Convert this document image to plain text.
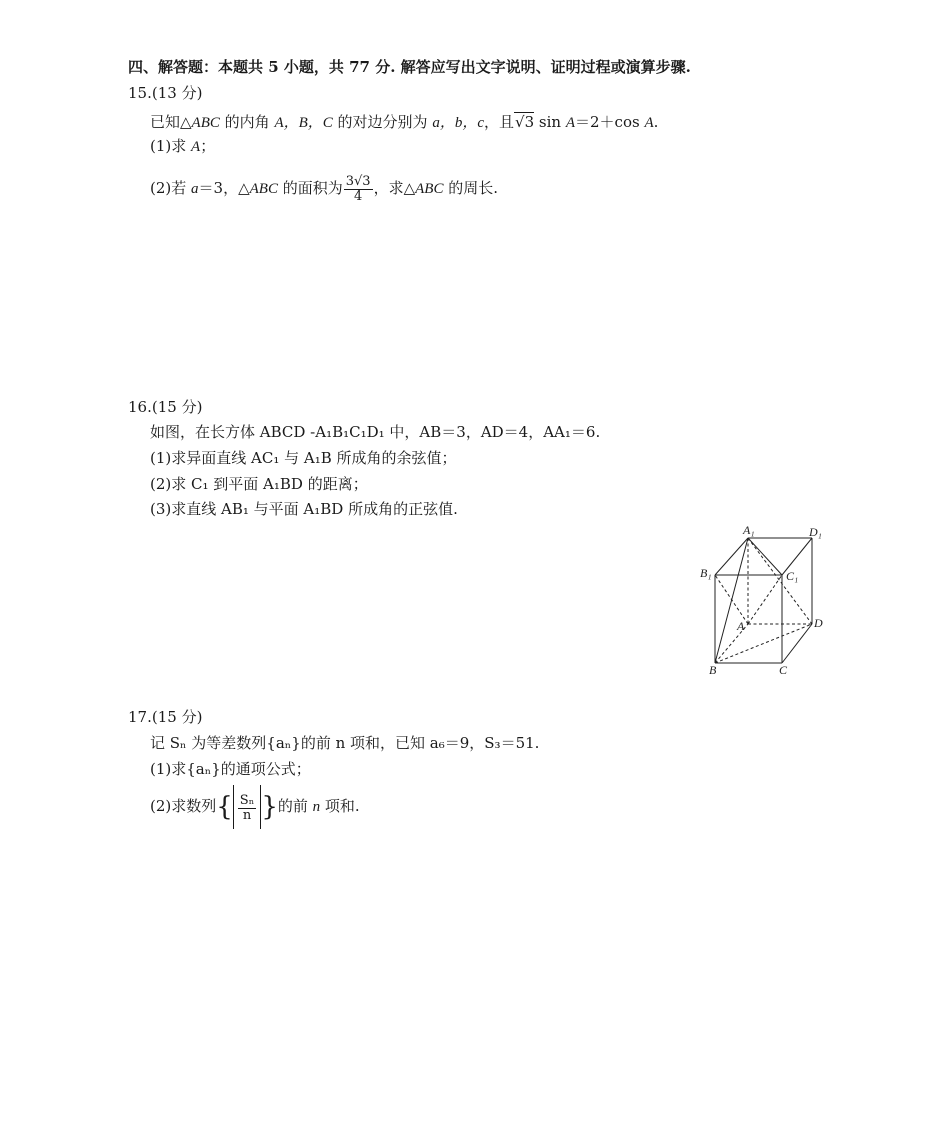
四、解答题：本题共 5 小题，共 77 分. 解答应写出文字说明、证明过程或演算步骤.
15.(13 分)
已知△ABC 的内角 A，B，C 的对边分别为 a，b，c，且√3 sin A＝2＋cos A.
(1)求 A；
(2)若 a＝3，△ABC 的面积为 $\frac{3√3}{4}$ ，求△ABC 的周长.
16.(15 分)
如图，在长方体 ABCD -A₁B₁C₁D₁ 中，AB＝3，AD＝4，AA₁＝6.
(1)求异面直线 AC₁ 与 A₁B 所成角的余弦值；
(2)求 C₁ 到平面 A₁BD 的距离；
(3)求直线 AB₁ 与平面 A₁BD 所成角的正弦值.
A₁	D₁
B₁	C₁
A	D
B	C
17.(15 分)
记 Sₙ 为等差数列{aₙ}的前 n 项和，已知 a₆＝9，S₃＝51.
(1)求{aₙ}的通项公式；
(2)求数列{ $\frac{\text{Sₙ}}{n}$ }的前 n 项和.
